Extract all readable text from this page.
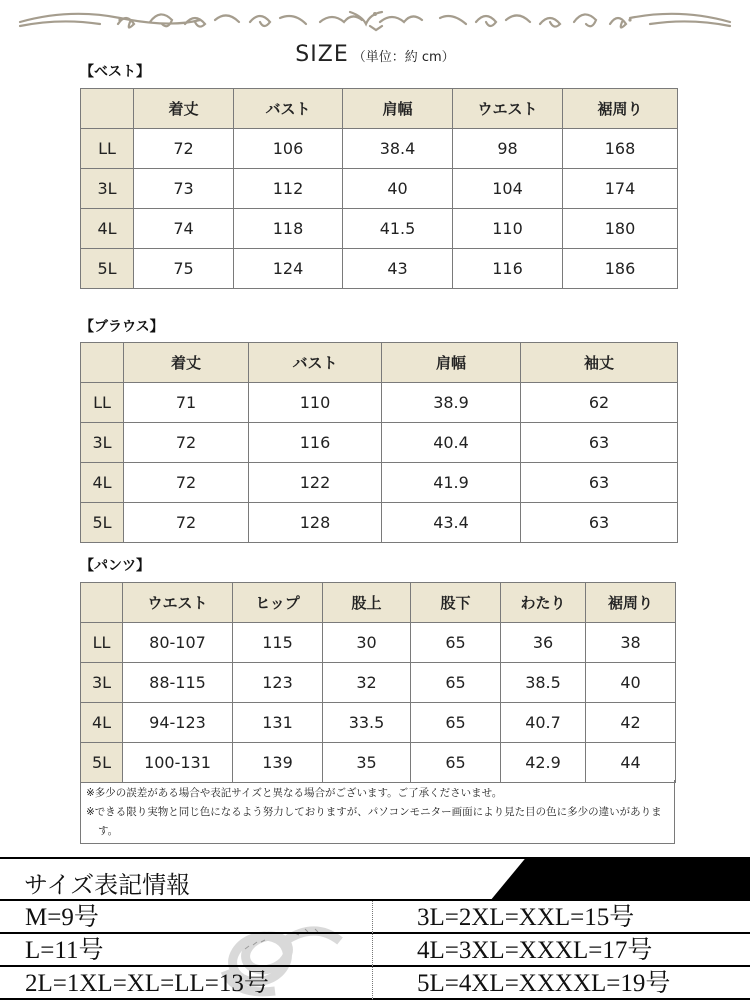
SIZE （単位：約 cm）
【ベスト】
	着丈	バスト	肩幅	ウエスト	裾周り
LL	72	106	38.4	98	168
3L	73	112	40	104	174
4L	74	118	41.5	110	180
5L	75	124	43	116	186
【ブラウス】
	着丈	バスト	肩幅	袖丈
LL	71	110	38.9	62
3L	72	116	40.4	63
4L	72	122	41.9	63
5L	72	128	43.4	63
【パンツ】
	ウエスト	ヒップ	股上	股下	わたり	裾周り
LL	80-107	115	30	65	36	38
3L	88-115	123	32	65	38.5	40
4L	94-123	131	33.5	65	40.7	42
5L	100-131	139	35	65	42.9	44

※多少の誤差がある場合や表記サイズと異なる場合がございます。ご了承くださいませ。

※できる限り実物と同じ色になるよう努力しておりますが、パソコンモニター画面により見た目の色に多少の違いがあります。

サイズ表記情報
M=9号
L=11号
2L=1XL=XL=LL=13号
3L=2XL=XXL=15号
4L=3XL=XXXL=17号
5L=4XL=XXXXL=19号
